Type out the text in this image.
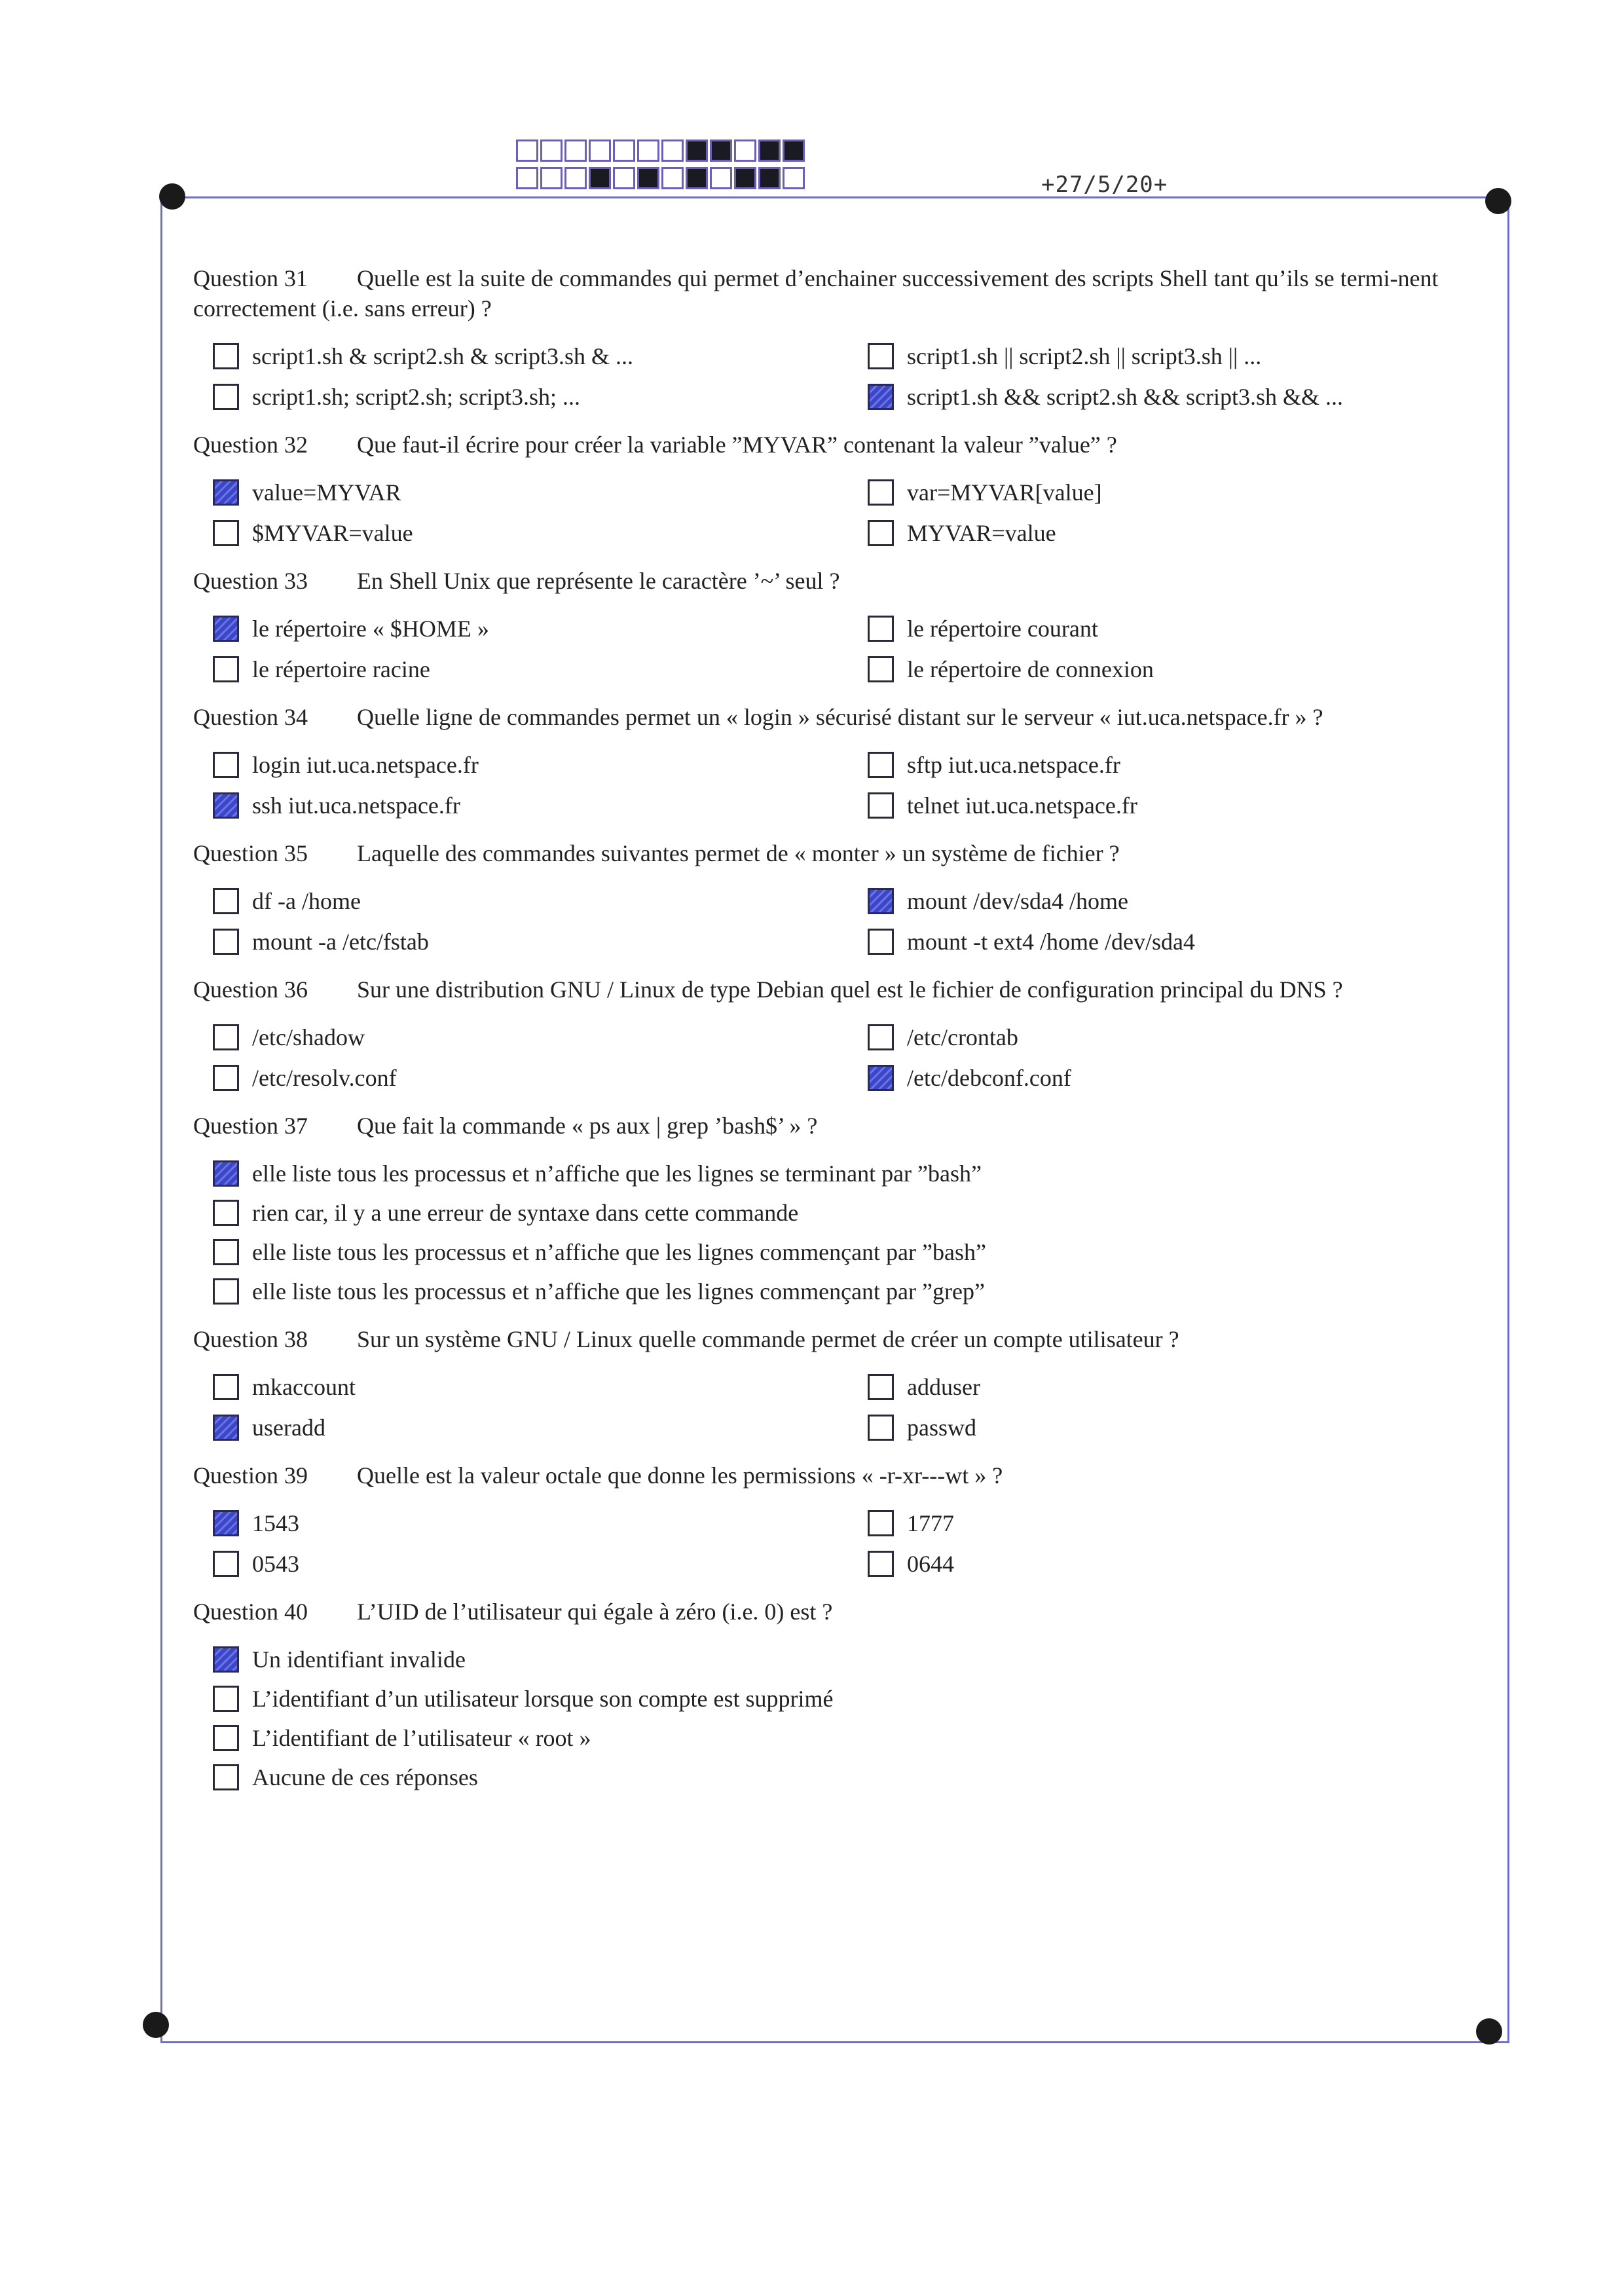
+27/5/20+
Question 31 Quelle est la suite de commandes qui permet d’enchainer successivement des scripts Shell tant qu’ils se termi-nent correctement (i.e. sans erreur) ?
script1.sh & script2.sh & script3.sh & ...	script1.sh || script2.sh || script3.sh || ...
script1.sh; script2.sh; script3.sh; ...	script1.sh && script2.sh && script3.sh && ...
Question 32 Que faut-il écrire pour créer la variable ”MYVAR” contenant la valeur ”value” ?
value=MYVAR	var=MYVAR[value]
$MYVAR=value	MYVAR=value
Question 33 En Shell Unix que représente le caractère ’~’ seul ?
le répertoire « $HOME »	le répertoire courant
le répertoire racine	le répertoire de connexion
Question 34 Quelle ligne de commandes permet un « login » sécurisé distant sur le serveur « iut.uca.netspace.fr » ?
login iut.uca.netspace.fr	sftp iut.uca.netspace.fr
ssh iut.uca.netspace.fr	telnet iut.uca.netspace.fr
Question 35 Laquelle des commandes suivantes permet de « monter » un système de fichier ?
df -a /home	mount /dev/sda4 /home
mount -a /etc/fstab	mount -t ext4 /home /dev/sda4
Question 36 Sur une distribution GNU / Linux de type Debian quel est le fichier de configuration principal du DNS ?
/etc/shadow	/etc/crontab
/etc/resolv.conf	/etc/debconf.conf
Question 37 Que fait la commande « ps aux | grep ’bash$’ » ?
elle liste tous les processus et n’affiche que les lignes se terminant par ”bash”
rien car, il y a une erreur de syntaxe dans cette commande
elle liste tous les processus et n’affiche que les lignes commençant par ”bash”
elle liste tous les processus et n’affiche que les lignes commençant par ”grep”
Question 38 Sur un système GNU / Linux quelle commande permet de créer un compte utilisateur ?
mkaccount	adduser
useradd	passwd
Question 39 Quelle est la valeur octale que donne les permissions « -r-xr---wt » ?
1543	1777
0543	0644
Question 40 L’UID de l’utilisateur qui égale à zéro (i.e. 0) est ?
Un identifiant invalide
L’identifiant d’un utilisateur lorsque son compte est supprimé
L’identifiant de l’utilisateur « root »
Aucune de ces réponses
